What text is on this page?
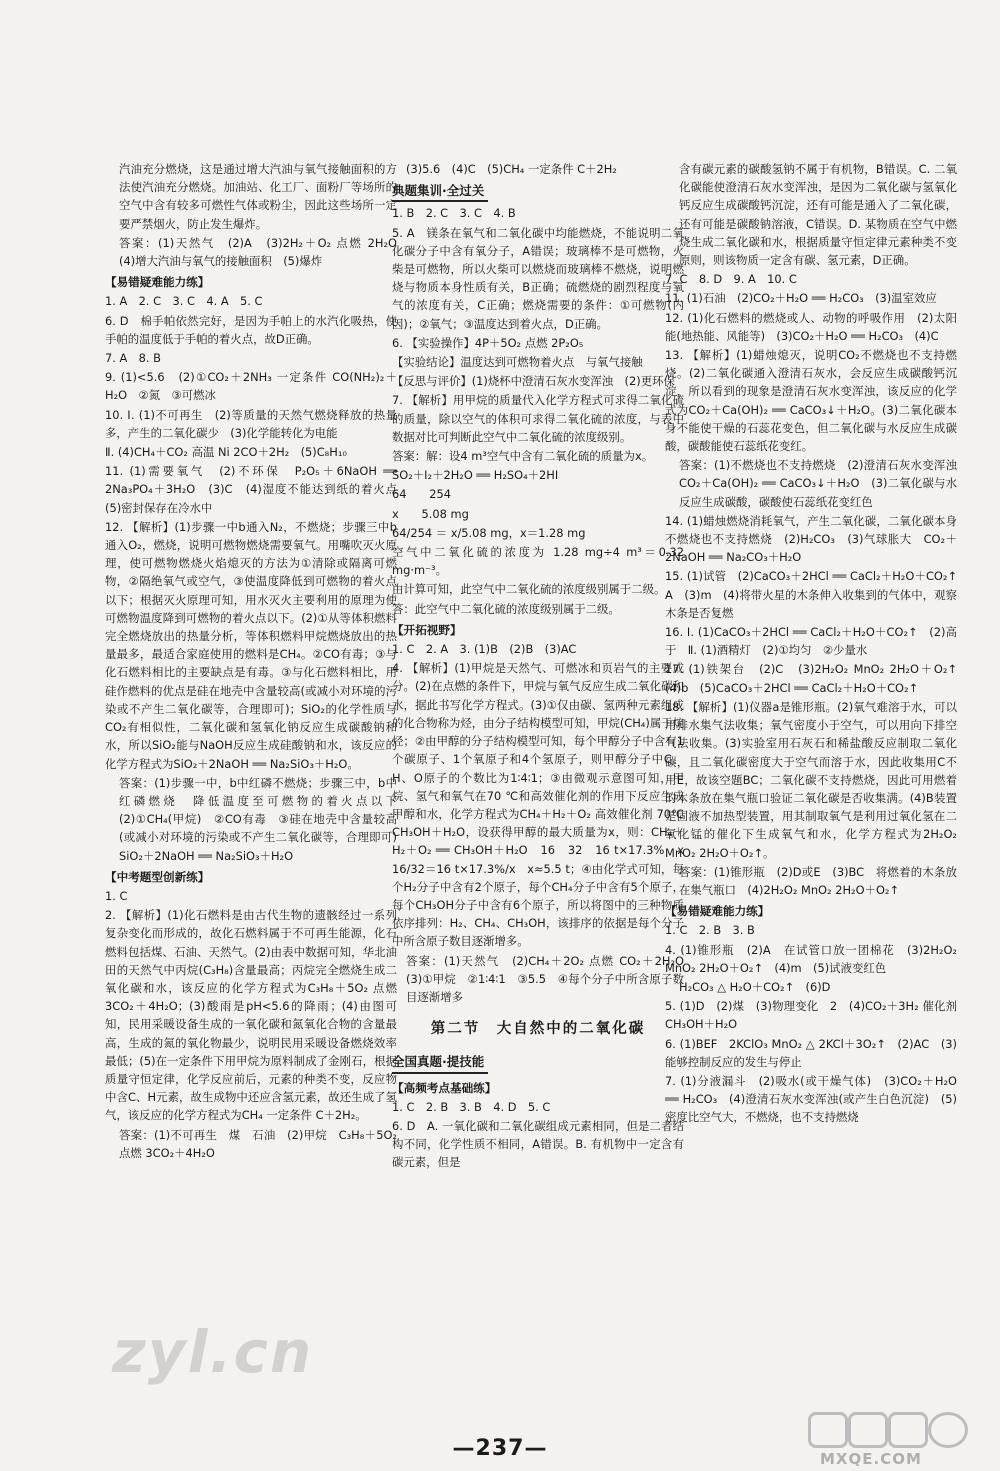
汽油充分燃烧，这是通过增大汽油与氧气接触面积的方法使汽油充分燃烧。加油站、化工厂、面粉厂等场所的空气中含有较多可燃性气体或粉尘，因此这些场所一定要严禁烟火，防止发生爆炸。
答案：(1)天然气　(2)A　(3)2H₂＋O₂ 点燃 2H₂O　(4)增大汽油与氧气的接触面积　(5)爆炸
【 易错疑难能力练 】
1. A　2. C　3. C　4. A　5. C
6. D　棉手帕依然完好，是因为手帕上的水汽化吸热，使手帕的温度低于手帕的着火点，故D正确。
7. A　8. B
9. (1)<5.6　(2)①CO₂＋2NH₃ 一定条件 CO(NH₂)₂＋H₂O　②氮　③可燃冰
10. Ⅰ. (1)不可再生　(2)等质量的天然气燃烧释放的热量多，产生的二氧化碳少　(3)化学能转化为电能
Ⅱ. (4)CH₄＋CO₂ 高温 Ni 2CO＋2H₂　(5)C₈H₁₀
11. (1)需要氧气　(2)不环保　P₂O₅＋6NaOH ══ 2Na₃PO₄＋3H₂O　(3)C　(4)湿度不能达到纸的着火点　(5)密封保存在冷水中
12. 【解析】(1)步骤一中b通入N₂，不燃烧；步骤三中b通入O₂，燃烧，说明可燃物燃烧需要氧气。用嘴吹灭火原理，使可燃物燃烧火焰熄灭的方法为①清除或隔离可燃物，②隔绝氧气或空气，③使温度降低到可燃物的着火点以下；根据灭火原理可知，用水灭火主要利用的原理为使可燃物温度降到可燃物的着火点以下。(2)①从等体积燃料完全燃烧放出的热量分析，等体积燃料甲烷燃烧放出的热量最多，最适合家庭使用的燃料是CH₄。②CO有毒；③与化石燃料相比的主要缺点是有毒。③与化石燃料相比，用硅作燃料的优点是硅在地壳中含量较高(或减小对环境的污染或不产生二氧化碳等，合理即可)；SiO₂的化学性质与CO₂有相似性，二氧化碳和氢氧化钠反应生成碳酸钠和水，所以SiO₂能与NaOH反应生成硅酸钠和水，该反应的化学方程式为SiO₂＋2NaOH ══ Na₂SiO₃＋H₂O。
答案：(1)步骤一中，b中红磷不燃烧；步骤三中，b中红磷燃烧　降低温度至可燃物的着火点以下　(2)①CH₄(甲烷)　②CO有毒　③硅在地壳中含量较高(或减小对环境的污染或不产生二氧化碳等，合理即可)　SiO₂＋2NaOH ══ Na₂SiO₃＋H₂O
【 中考题型创新练 】
1. C
2. 【解析】(1)化石燃料是由古代生物的遗骸经过一系列复杂变化而形成的，故化石燃料属于不可再生能源，化石燃料包括煤、石油、天然气。(2)由表中数据可知，华北油田的天然气中丙烷(C₃H₈)含量最高；丙烷完全燃烧生成二氧化碳和水，该反应的化学方程式为C₃H₈＋5O₂ 点燃 3CO₂＋4H₂O；(3)酸雨是pH<5.6的降雨；(4)由图可知，民用采暖设备生成的一氧化碳和氮氧化合物的含量最高，生成的氮的氧化物最少，说明民用采暖设备燃烧效率最低；(5)在一定条件下用甲烷为原料制成了金刚石，根据质量守恒定律，化学反应前后，元素的种类不变，反应物中含C、H元素，故生成物中还应含氢元素，故还生成了氢气，该反应的化学方程式为CH₄ 一定条件 C＋2H₂。
答案：(1)不可再生　煤　石油　(2)甲烷　C₃H₈＋5O₂ 点燃 3CO₂＋4H₂O
(3)5.6　(4)C　(5)CH₄ 一定条件 C＋2H₂
典题集训·全过关
1. B　2. C　3. C　4. B
5. A　镁条在氧气和二氧化碳中均能燃烧，不能说明二氧化碳分子中含有氧分子，A错误；玻璃棒不是可燃物，火柴是可燃物，所以火柴可以燃烧而玻璃棒不燃烧，说明燃烧与物质本身性质有关，B正确；硫燃烧的剧烈程度与氧气的浓度有关，C正确；燃烧需要的条件：①可燃物(内因)；②氧气；③温度达到着火点，D正确。
6. 【实验操作】4P＋5O₂ 点燃 2P₂O₅
【实验结论】温度达到可燃物着火点　与氧气接触
【反思与评价】(1)烧杯中澄清石灰水变浑浊　(2)更环保
7. 【解析】用甲烷的质量代入化学方程式可求得二氧化硫的质量，除以空气的体积可求得二氧化硫的浓度，与表中数据对比可判断此空气中二氧化硫的浓度级别。
答案：解：设4 m³空气中含有二氧化硫的质量为x。
SO₂＋I₂＋2H₂O ══ H₂SO₄＋2HI
64　　254
x　　5.08 mg
64/254 ＝ x/5.08 mg，x＝1.28 mg
空气中二氧化硫的浓度为 1.28 mg÷4 m³＝0.32 mg·m⁻³。
由计算可知，此空气中二氧化硫的浓度级别属于二级。
答：此空气中二氧化硫的浓度级别属于二级。
【 开拓视野 】
1. C　2. A　3. (1)B　(2)B　(3)AC
4. 【解析】(1)甲烷是天然气、可燃冰和页岩气的主要成分。(2)在点燃的条件下，甲烷与氧气反应生成二氧化碳和水，据此书写化学方程式。(3)①仅由碳、氢两种元素组成的化合物称为烃，由分子结构模型可知，甲烷(CH₄)属于烷烃；②由甲醇的分子结构模型可知，每个甲醇分子中含有1个碳原子、1个氧原子和4个氢原子，则甲醇分子中C、H、O原子的个数比为1∶4∶1；③由微观示意图可知，甲烷、氢气和氧气在70 ℃和高效催化剂的作用下反应生成甲醇和水，化学方程式为CH₄＋H₂＋O₂ 高效催化剂 70℃ CH₃OH＋H₂O，设获得甲醇的最大质量为x，则：CH₄＋H₂＋O₂ ══ CH₃OH＋H₂O　16　32　16 t×17.3%　x　16/32＝16 t×17.3%/x　x≈5.5 t；④由化学式可知，每个H₂分子中含有2个原子，每个CH₄分子中含有5个原子，每个CH₃OH分子中含有6个原子，所以将图中的三种物质依序排列：H₂、CH₄、CH₃OH，该排序的依据是每个分子中所含原子数目逐渐增多。
答案：(1)天然气　(2)CH₄＋2O₂ 点燃 CO₂＋2H₂O　(3)①甲烷　②1∶4∶1　③5.5　④每个分子中所含原子数目逐渐增多
第二节　大自然中的二氧化碳
全国真题·提技能
【 高频考点基础练 】
1. C　2. B　3. B　4. D　5. C
6. D　A. 一氧化碳和二氧化碳组成元素相同，但是二者结构不同，化学性质不相同，A错误。B. 有机物中一定含有碳元素，但是
含有碳元素的碳酸氢钠不属于有机物，B错误。C. 二氧化碳能使澄清石灰水变浑浊，是因为二氧化碳与氢氧化钙反应生成碳酸钙沉淀，还有可能是通入了二氧化碳，还有可能是碳酸钠溶液，C错误。D. 某物质在空气中燃烧生成二氧化碳和水，根据质量守恒定律元素种类不变原则，则该物质一定含有碳、氢元素，D正确。
7. C　8. D　9. A　10. C
11. (1)石油　(2)CO₂＋H₂O ══ H₂CO₃　(3)温室效应
12. (1)化石燃料的燃烧或人、动物的呼吸作用　(2)太阳能(地热能、风能等)　(3)CO₂＋H₂O ══ H₂CO₃　(4)C
13. 【解析】(1)蜡烛熄灭，说明CO₂不燃烧也不支持燃烧。(2)二氧化碳通入澄清石灰水，会反应生成碳酸钙沉淀，所以看到的现象是澄清石灰水变浑浊，该反应的化学式为CO₂＋Ca(OH)₂ ══ CaCO₃↓＋H₂O。(3)二氧化碳本身不能使干燥的石蕊花变色，但二氧化碳与水反应生成碳酸，碳酸能使石蕊纸花变红。
答案：(1)不燃烧也不支持燃烧　(2)澄清石灰水变浑浊　CO₂＋Ca(OH)₂ ══ CaCO₃↓＋H₂O　(3)二氧化碳与水反应生成碳酸，碳酸使石蕊纸花变红色
14. (1)蜡烛燃烧消耗氧气，产生二氧化碳，二氧化碳本身不燃烧也不支持燃烧　(2)H₂CO₃　(3)气球胀大　CO₂＋2NaOH ══ Na₂CO₃＋H₂O
15. (1)试管　(2)CaCO₃＋2HCl ══ CaCl₂＋H₂O＋CO₂↑　A　(3)m　(4)将带火星的木条伸入收集到的气体中，观察木条是否复燃
16. Ⅰ. (1)CaCO₃＋2HCl ══ CaCl₂＋H₂O＋CO₂↑　(2)高于　Ⅱ. (1)酒精灯　(2)①均匀　②少量水
17. (1)铁架台　(2)C　(3)2H₂O₂ MnO₂ 2H₂O＋O₂↑　(4)b　(5)CaCO₃＋2HCl ══ CaCl₂＋H₂O＋CO₂↑
18. 【解析】(1)仪器a是锥形瓶。(2)氧气难溶于水，可以用排水集气法收集；氧气密度小于空气，可以用向下排空气法收集。(3)实验室用石灰石和稀盐酸反应制取二氧化碳，且二氧化碳密度大于空气而溶于水，因此收集用C不用E，故该空题BC；二氧化碳不支持燃烧，因此可用燃着的木条放在集气瓶口验证二氧化碳是否收集满。(4)B装置是固液不加热型装置，用其制取氧气是利用过氧化氢在二氧化锰的催化下生成氧气和水，化学方程式为2H₂O₂ MnO₂ 2H₂O＋O₂↑。
答案：(1)锥形瓶　(2)D或E　(3)BC　将燃着的木条放在集气瓶口　(4)2H₂O₂ MnO₂ 2H₂O＋O₂↑
【 易错疑难能力练 】
1. C　2. B　3. B
4. (1)锥形瓶　(2)A　在试管口放一团棉花　(3)2H₂O₂ MnO₂ 2H₂O＋O₂↑　(4)m　(5)试液变红色
H₂CO₃ △ H₂O＋CO₂↑　(6)D
5. (1)D　(2)煤　(3)物理变化　2　(4)CO₂＋3H₂ 催化剂 CH₃OH＋H₂O
6. (1)BEF　2KClO₃ MnO₂ △ 2KCl＋3O₂↑　(2)AC　(3)能够控制反应的发生与停止
7. (1)分液漏斗　(2)吸水(或干燥气体)　(3)CO₂＋H₂O ══ H₂CO₃　(4)澄清石灰水变浑浊(或产生白色沉淀)　(5)密度比空气大，不燃烧，也不支持燃烧
zyl.cn
MXQE.COM
—237—
